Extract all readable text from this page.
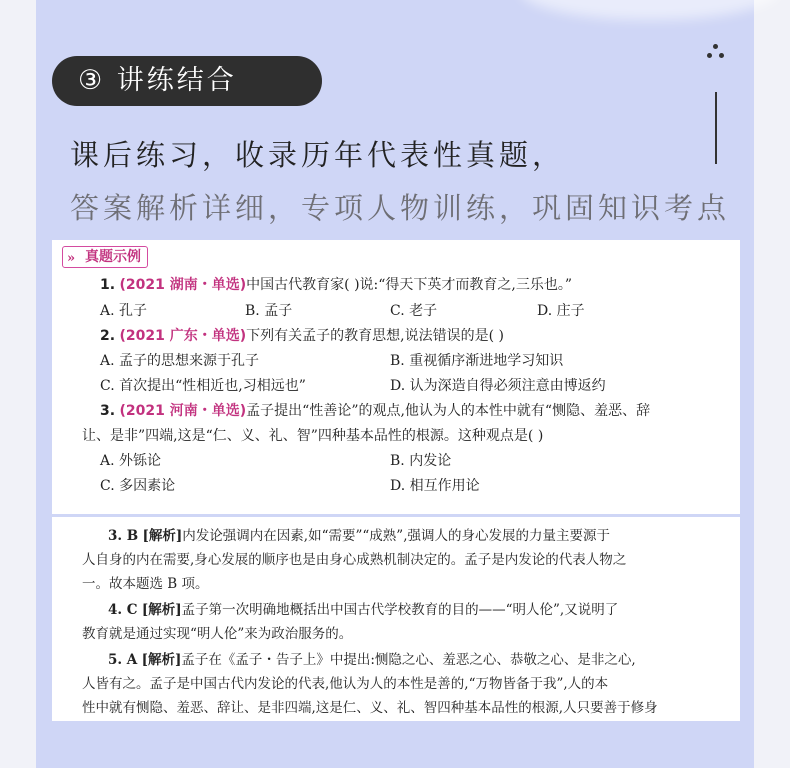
③ 讲练结合
课后练习，收录历年代表性真题，
答案解析详细，专项人物训练，巩固知识考点
» 真题示例
1. (2021 湖南・单选)中国古代教育家( )说:“得天下英才而教育之,三乐也。”
A. 孔子	B. 孟子	C. 老子	D. 庄子
2. (2021 广东・单选)下列有关孟子的教育思想,说法错误的是( )
A. 孟子的思想来源于孔子	B. 重视循序渐进地学习知识
C. 首次提出“性相近也,习相远也”	D. 认为深造自得必须注意由博返约
3. (2021 河南・单选)孟子提出“性善论”的观点,他认为人的本性中就有“恻隐、羞恶、辞
让、是非”四端,这是“仁、义、礼、智”四种基本品性的根源。这种观点是( )
A. 外铄论	B. 内发论
C. 多因素论	D. 相互作用论
3. B [解析]内发论强调内在因素,如“需要”“成熟”,强调人的身心发展的力量主要源于
人自身的内在需要,身心发展的顺序也是由身心成熟机制决定的。孟子是内发论的代表人物之
一。故本题选 B 项。
4. C [解析]孟子第一次明确地概括出中国古代学校教育的目的——“明人伦”,又说明了
教育就是通过实现“明人伦”来为政治服务的。
5. A [解析]孟子在《孟子・告子上》中提出:恻隐之心、羞恶之心、恭敬之心、是非之心,
人皆有之。孟子是中国古代内发论的代表,他认为人的本性是善的,“万物皆备于我”,人的本
性中就有恻隐、羞恶、辞让、是非四端,这是仁、义、礼、智四种基本品性的根源,人只要善于修身
